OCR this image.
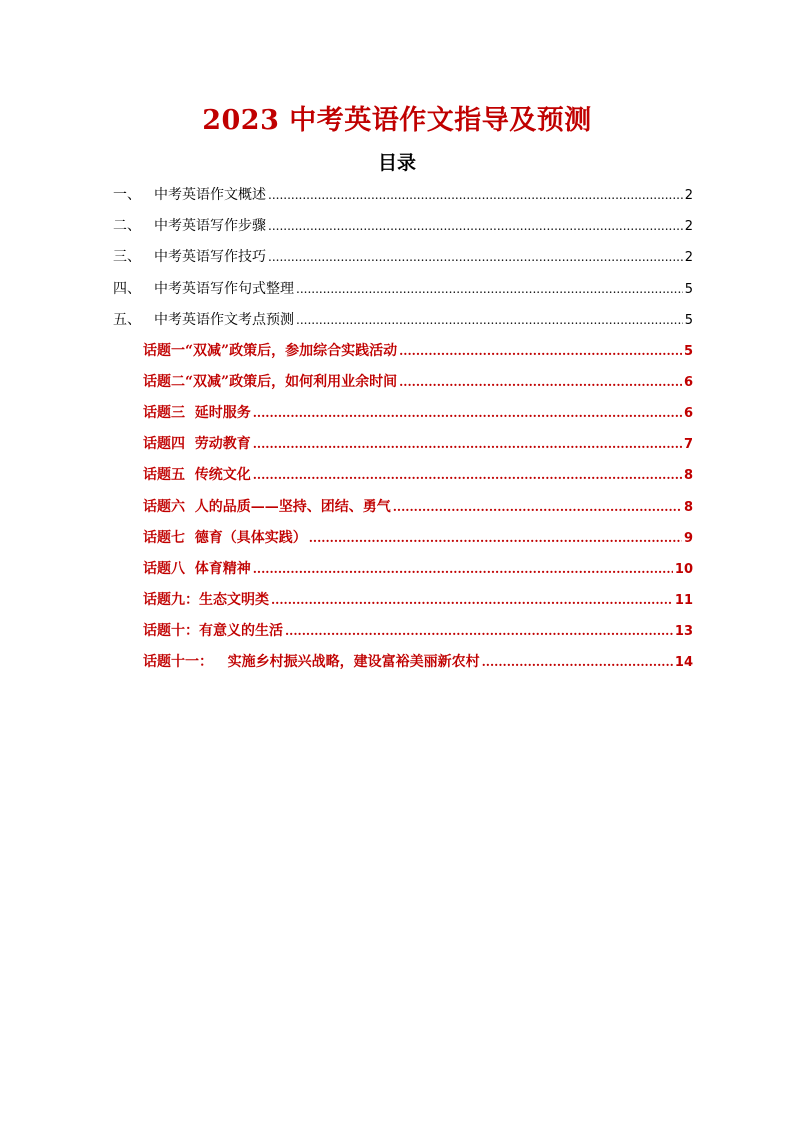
2023 中考英语作文指导及预测
目录
一、 中考英语作文概述 .....	2
二、 中考英语写作步骤 .....	2
三、 中考英语写作技巧 .....	2
四、 中考英语写作句式整理 .....	5
五、 中考英语作文考点预测 .....	5
话题一“双减”政策后，参加综合实践活动 .....	5
话题二“双减”政策后，如何利用业余时间 .....	6
话题三  延时服务 .....	6
话题四  劳动教育 .....	7
话题五  传统文化 .....	8
话题六  人的品质——坚持、团结、勇气 .....	8
话题七  德育（具体实践） .....	9
话题八  体育精神 .....	10
话题九：生态文明类 .....	11
话题十：有意义的生活 .....	13
话题十一：   实施乡村振兴战略，建设富裕美丽新农村 .....	14
